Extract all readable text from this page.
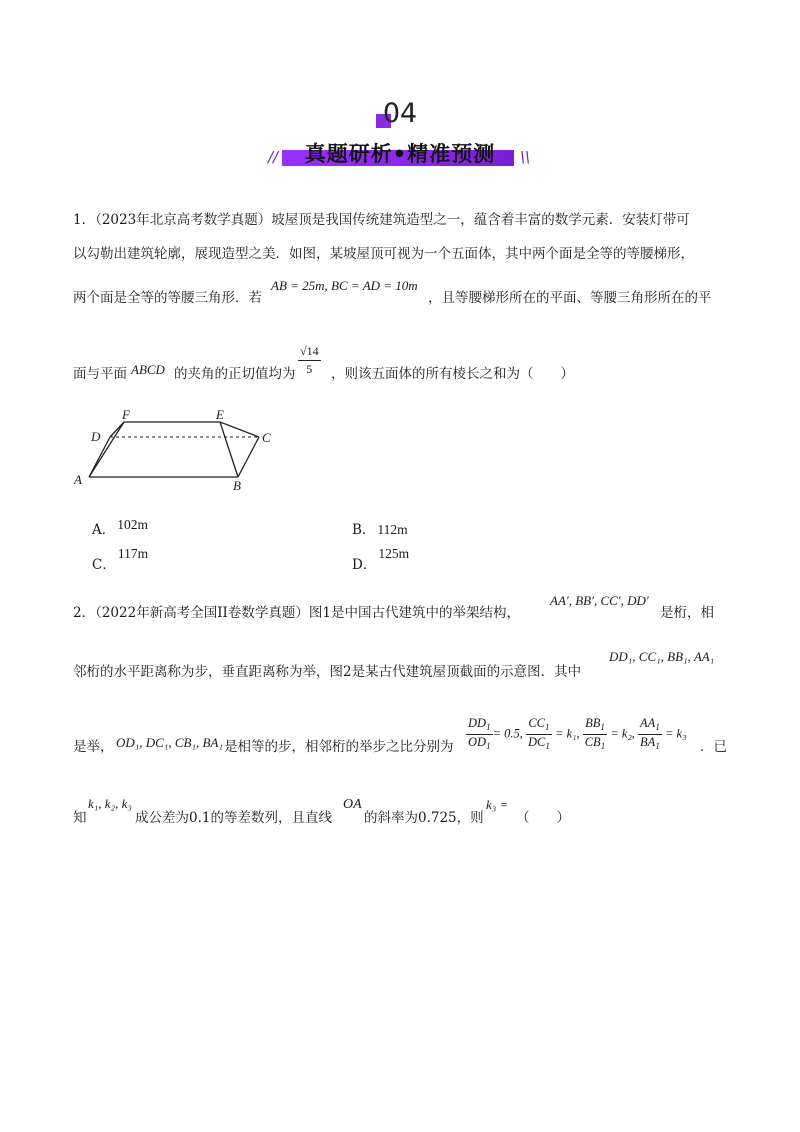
04
//	\\
真题研析•精准预测
1．（2023年北京高考数学真题）坡屋顶是我国传统建筑造型之一，蕴含着丰富的数学元素．安装灯带可
以勾勒出建筑轮廓，展现造型之美．如图，某坡屋顶可视为一个五面体，其中两个面是全等的等腰梯形，
两个面是全等的等腰三角形．若
AB = 25m, BC = AD = 10m
，且等腰梯形所在的平面、等腰三角形所在的平
面与平面 ABCD 的夹角的正切值均为 $\frac{√14}{5}$ ，则该五面体的所有棱长之和为（　　）
F	E
D	C
A	B
A． 102m	B． 112m
C．117m
D．125m
2．（2022年新高考全国II卷数学真题）图1是中国古代建筑中的举架结构，
AA′, BB′, CC′, DD′
是桁，相
邻桁的水平距离称为步，垂直距离称为举，图2是某古代建筑屋顶截面的示意图．其中
DD₁, CC₁, BB₁, AA₁
是举， OD₁, DC₁, CB₁, BA₁ 是相等的步，相邻桁的举步之比分别为 $\frac{DD_1}{OD_1} = 0.5$, $\frac{CC_1}{DC_1} = k_1$, $\frac{BB_1}{CB_1} = k_2$, $\frac{AA_1}{BA_1} = k_3$
．已
知
k₁, k₂, k₃
成公差为0.1的等差数列，且直线
OA
的斜率为0.725，则
k₃ =
（　　）
